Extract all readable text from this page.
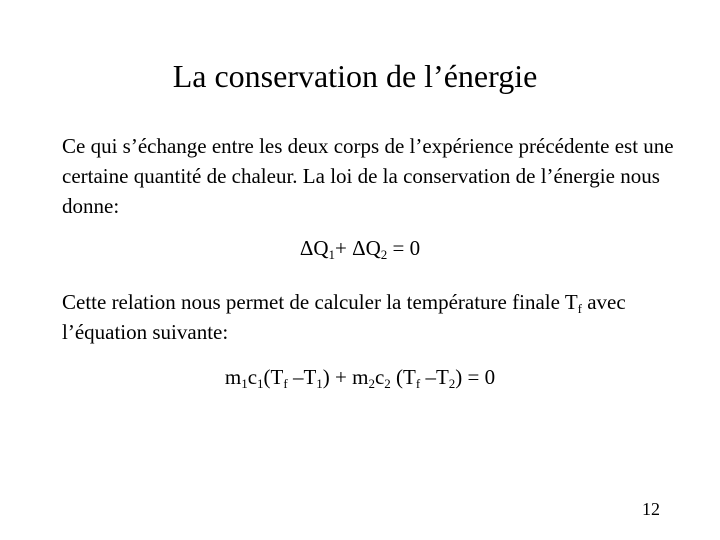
La conservation de l’énergie

Ce qui s’échange entre les deux corps de l’expérience précédente est une certaine quantité de chaleur. La loi de la conservation de l’énergie nous donne:

$\Delta Q_1+ \Delta Q_2 = 0$

Cette relation nous permet de calculer la température finale $T_f$ avec l’équation suivante:

$m_1c_1(T_f$ $-T_1) + m_2c_2$ ($T_f$ $-T_2) = 0$
12
